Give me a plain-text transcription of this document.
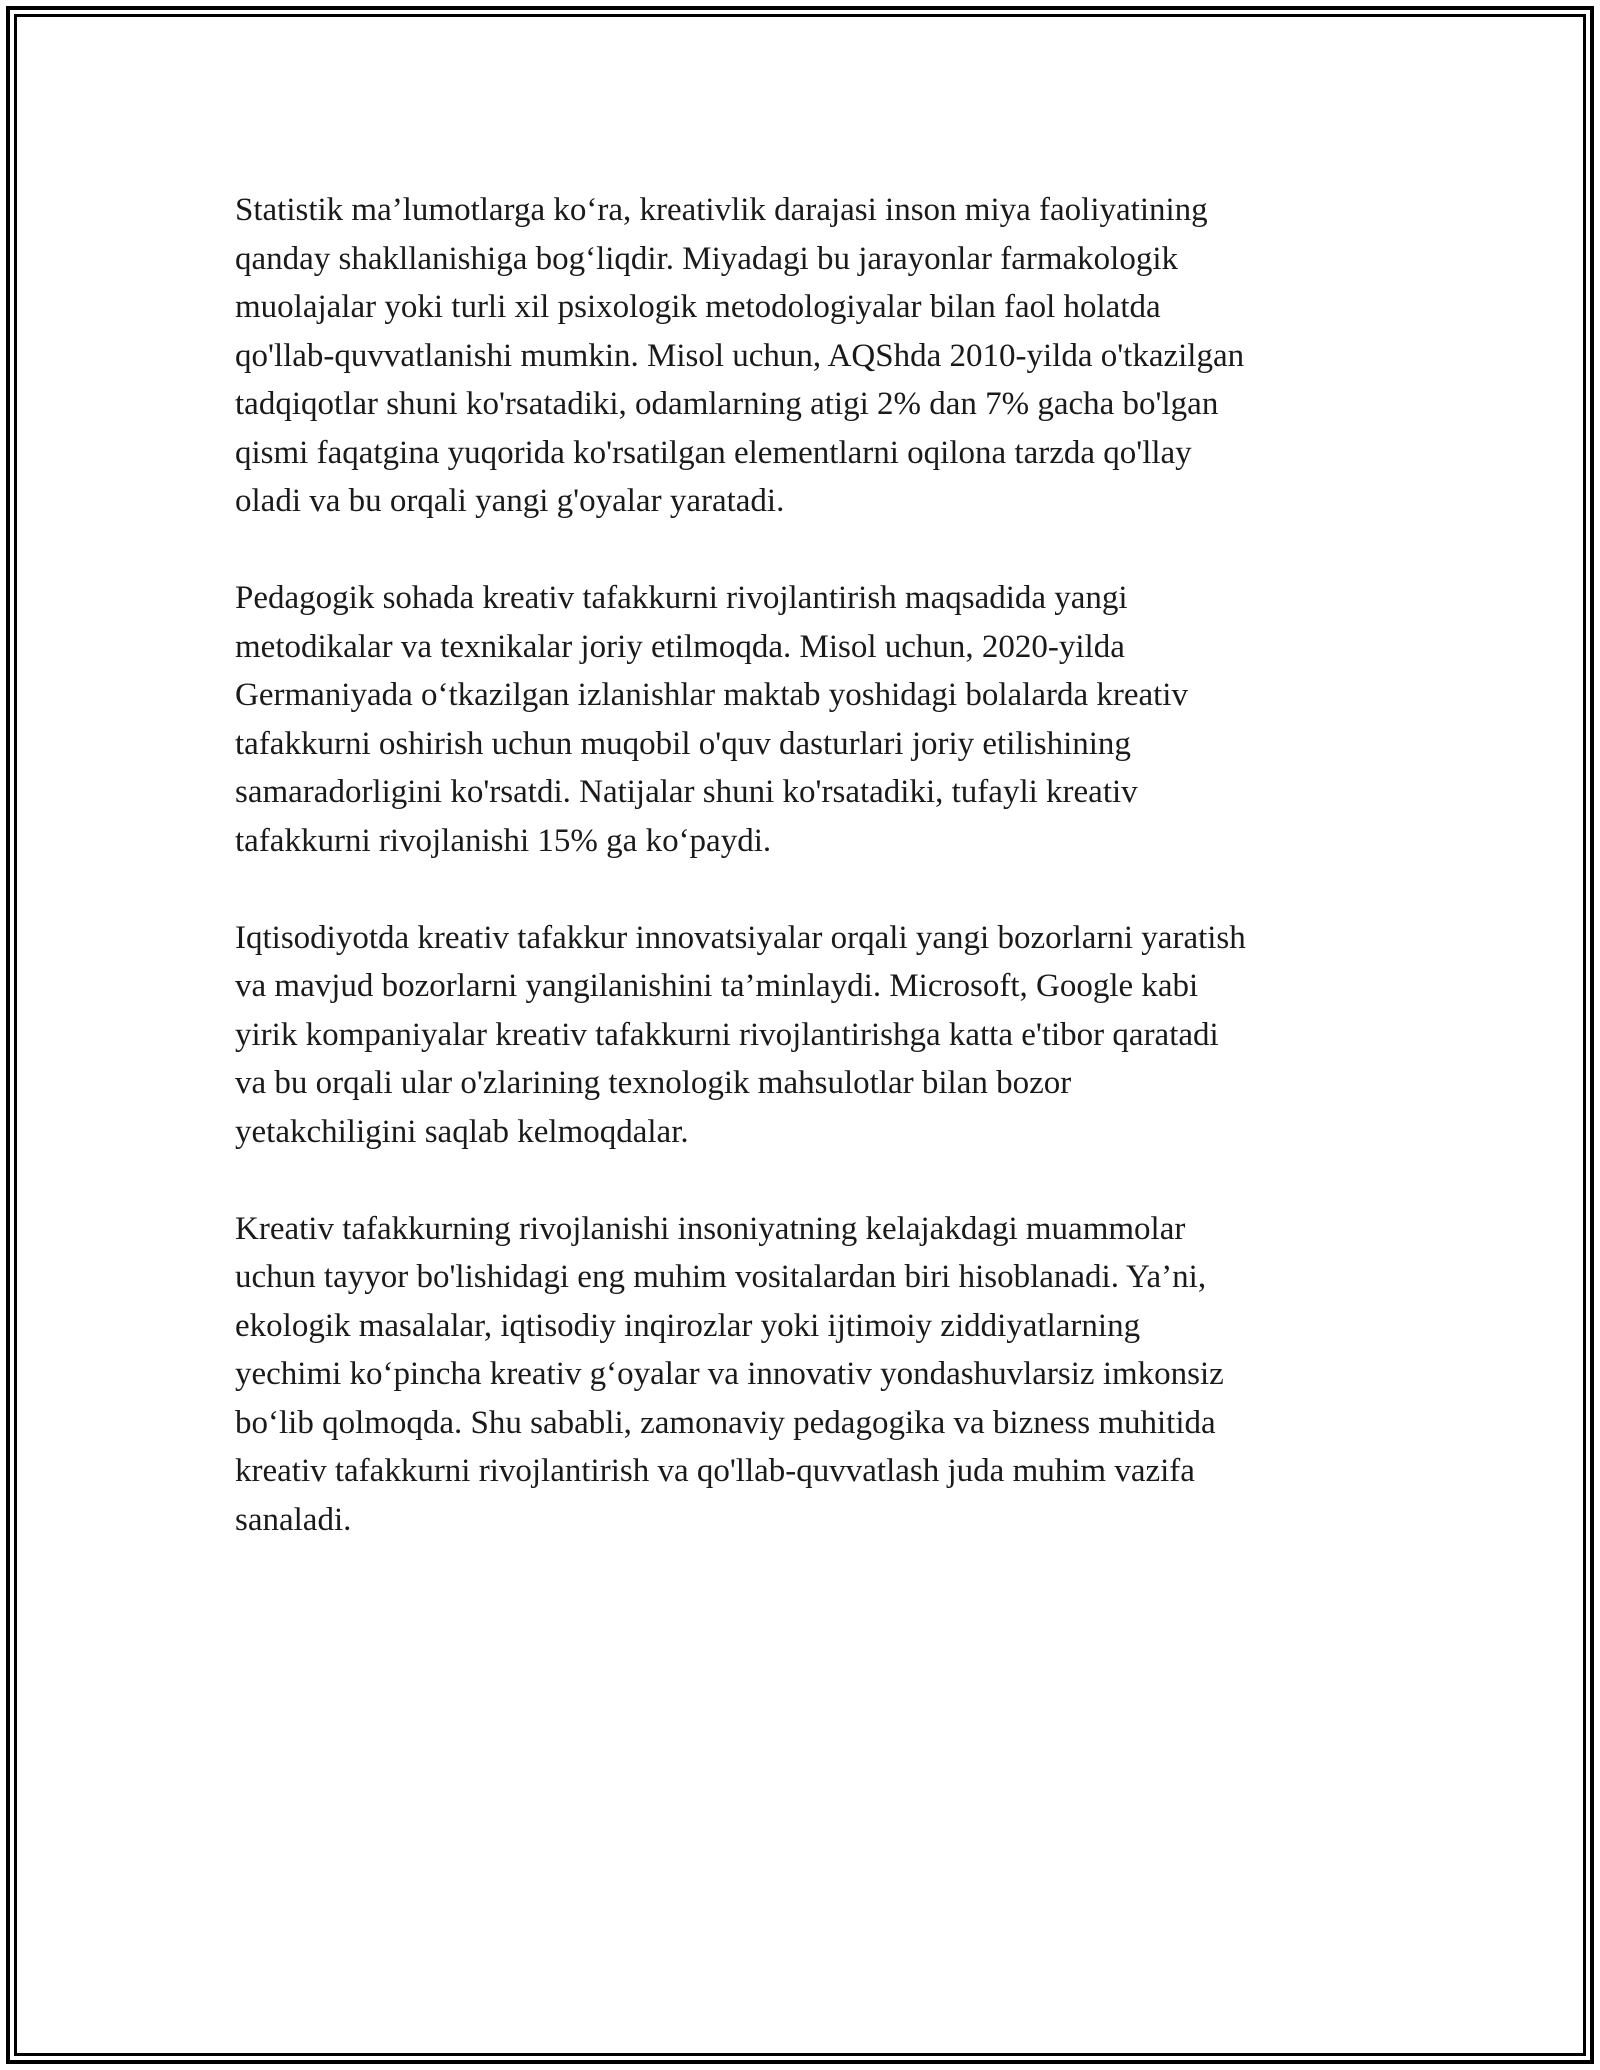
Statistik ma’lumotlarga ko‘ra, kreativlik darajasi inson miya faoliyatining
qanday shakllanishiga bog‘liqdir. Miyadagi bu jarayonlar farmakologik
muolajalar yoki turli xil psixologik metodologiyalar bilan faol holatda
qo'llab-quvvatlanishi mumkin. Misol uchun, AQShda 2010-yilda o'tkazilgan
tadqiqotlar shuni ko'rsatadiki, odamlarning atigi 2% dan 7% gacha bo'lgan
qismi faqatgina yuqorida ko'rsatilgan elementlarni oqilona tarzda qo'llay
oladi va bu orqali yangi g'oyalar yaratadi.

Pedagogik sohada kreativ tafakkurni rivojlantirish maqsadida yangi
metodikalar va texnikalar joriy etilmoqda. Misol uchun, 2020-yilda
Germaniyada o‘tkazilgan izlanishlar maktab yoshidagi bolalarda kreativ
tafakkurni oshirish uchun muqobil o'quv dasturlari joriy etilishining
samaradorligini ko'rsatdi. Natijalar shuni ko'rsatadiki, tufayli kreativ
tafakkurni rivojlanishi 15% ga ko‘paydi.

Iqtisodiyotda kreativ tafakkur innovatsiyalar orqali yangi bozorlarni yaratish
va mavjud bozorlarni yangilanishini ta’minlaydi. Microsoft, Google kabi
yirik kompaniyalar kreativ tafakkurni rivojlantirishga katta e'tibor qaratadi
va bu orqali ular o'zlarining texnologik mahsulotlar bilan bozor
yetakchiligini saqlab kelmoqdalar.

Kreativ tafakkurning rivojlanishi insoniyatning kelajakdagi muammolar
uchun tayyor bo'lishidagi eng muhim vositalardan biri hisoblanadi. Ya’ni,
ekologik masalalar, iqtisodiy inqirozlar yoki ijtimoiy ziddiyatlarning
yechimi ko‘pincha kreativ g‘oyalar va innovativ yondashuvlarsiz imkonsiz
bo‘lib qolmoqda. Shu sababli, zamonaviy pedagogika va bizness muhitida
kreativ tafakkurni rivojlantirish va qo'llab-quvvatlash juda muhim vazifa
sanaladi.
